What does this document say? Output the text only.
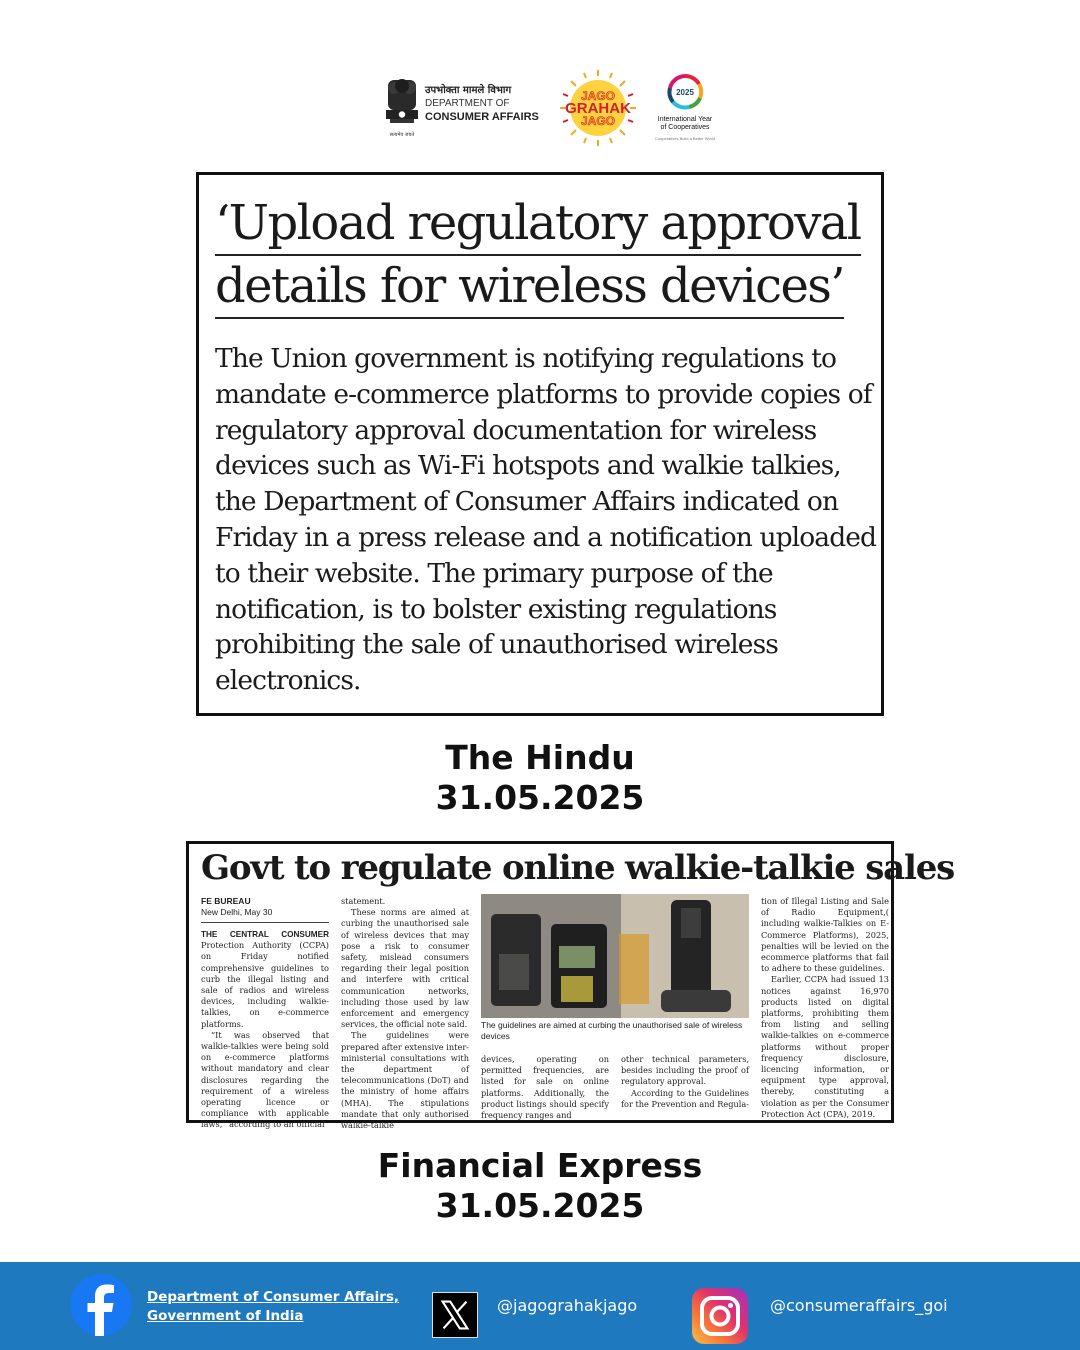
सत्यमेव जयते
उपभोक्ता मामले विभाग
DEPARTMENT OF
CONSUMER AFFAIRS
JAGO
GRAHAK
JAGO
2025
International Year
of Cooperatives
Cooperatives Build a Better World
‘Upload regulatory approval
details for wireless devices’
The Union government is notifying regulations to mandate e-commerce platforms to provide copies of regulatory approval documentation for wireless devices such as Wi-Fi hotspots and walkie talkies, the Department of Consumer Affairs indicated on Friday in a press release and a notification uploaded to their website. The primary purpose of the notification, is to bolster existing regulations prohibiting the sale of unauthorised wireless electronics.
The Hindu
31.05.2025
Govt to regulate online walkie-talkie sales
FE BUREAU
New Delhi, May 30

THE CENTRAL CONSUMER Protection Authority (CCPA) on Friday notified comprehensive guidelines to curb the illegal listing and sale of radios and wireless devices, including walkie-talkies, on e-commerce platforms.

“It was observed that walkie-talkies were being sold on e-commerce platforms without mandatory and clear disclosures regarding the requirement of a wireless operating licence or compliance with applicable laws,” according to an official

statement.

These norms are aimed at curbing the unauthorised sale of wireless devices that may pose a risk to consumer safety, mislead consumers regarding their legal position and interfere with critical communication networks, including those used by law enforcement and emergency services, the official note said.

The guidelines were prepared after extensive inter-ministerial consultations with the department of telecommunications (DoT) and the ministry of home affairs (MHA). The stipulations mandate that only authorised walkie-talkie

The guidelines are aimed at curbing the unauthorised sale of wireless devices

devices, operating on permitted frequencies, are listed for sale on online platforms. Additionally, the product listings should specify frequency ranges and

other technical parameters, besides including the proof of regulatory approval.

According to the Guidelines for the Prevention and Regula-

tion of Illegal Listing and Sale of Radio Equipment,( including walkie-Talkies on E-Commerce Platforms), 2025, penalties will be levied on the ecommerce platforms that fail to adhere to these guidelines.

Earlier, CCPA had issued 13 notices against 16,970 products listed on digital platforms, prohibiting them from listing and selling walkie-talkies on e-commerce platforms without proper frequency disclosure, licencing information, or equipment type approval, thereby, constituting a violation as per the Consumer Protection Act (CPA), 2019.

Financial Express
31.05.2025
Department of Consumer Affairs,
Government of India
@jagograhakjago	@consumeraffairs_goi
